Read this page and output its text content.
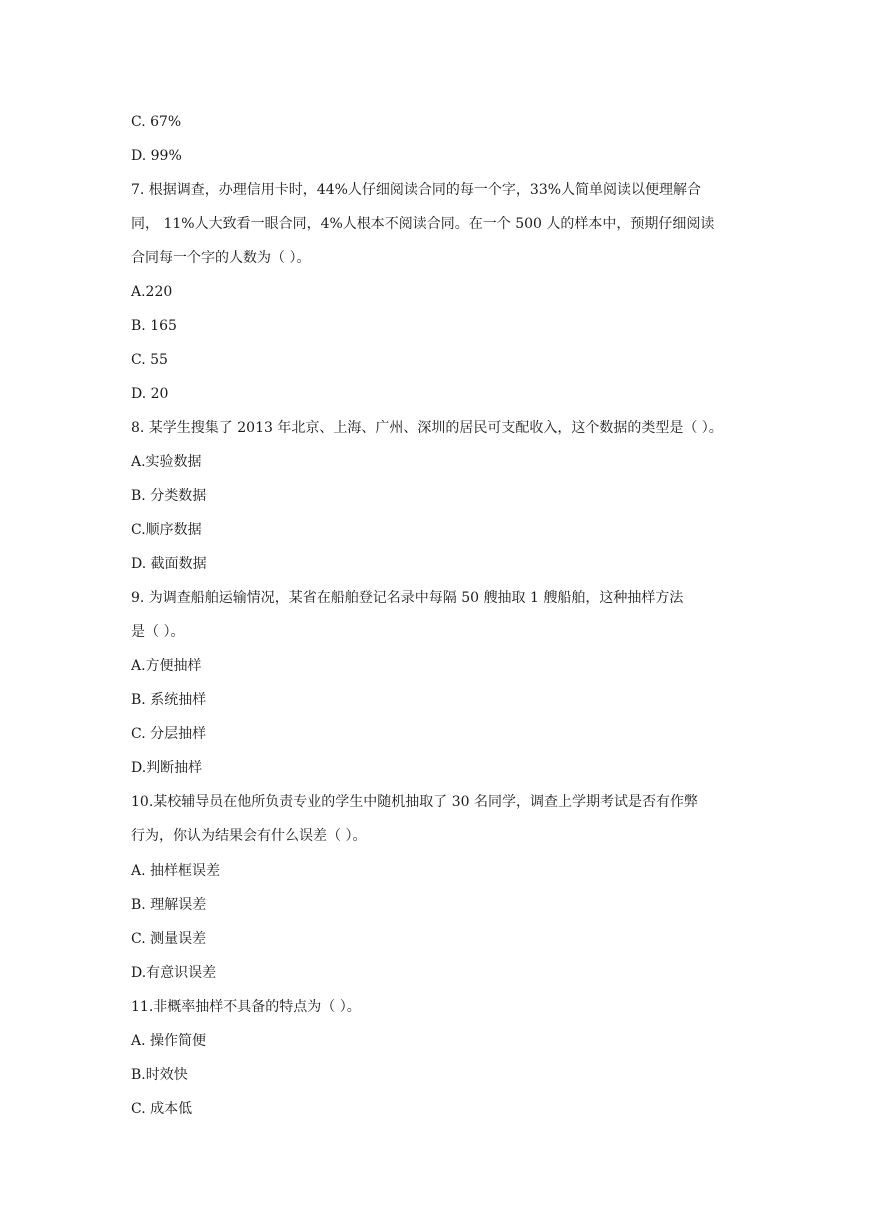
C. 67%
D. 99%
7. 根据调查，办理信用卡时，44%人仔细阅读合同的每一个字，33%人简单阅读以便理解合
同， 11%人大致看一眼合同，4%人根本不阅读合同。在一个 500 人的样本中，预期仔细阅读
合同每一个字的人数为（ ）。
A.220
B. 165
C. 55
D. 20
8. 某学生搜集了 2013 年北京、上海、广州、深圳的居民可支配收入，这个数据的类型是（ ）。
A.实验数据
B. 分类数据
C.顺序数据
D. 截面数据
9. 为调查船舶运输情况，某省在船舶登记名录中每隔 50 艘抽取 1 艘船舶，这种抽样方法
是（ ）。
A.方便抽样
B. 系统抽样
C. 分层抽样
D.判断抽样
10.某校辅导员在他所负责专业的学生中随机抽取了 30 名同学，调查上学期考试是否有作弊
行为，你认为结果会有什么误差（ ）。
A. 抽样框误差
B. 理解误差
C. 测量误差
D.有意识误差
11.非概率抽样不具备的特点为（ ）。
A. 操作简便
B.时效快
C. 成本低
